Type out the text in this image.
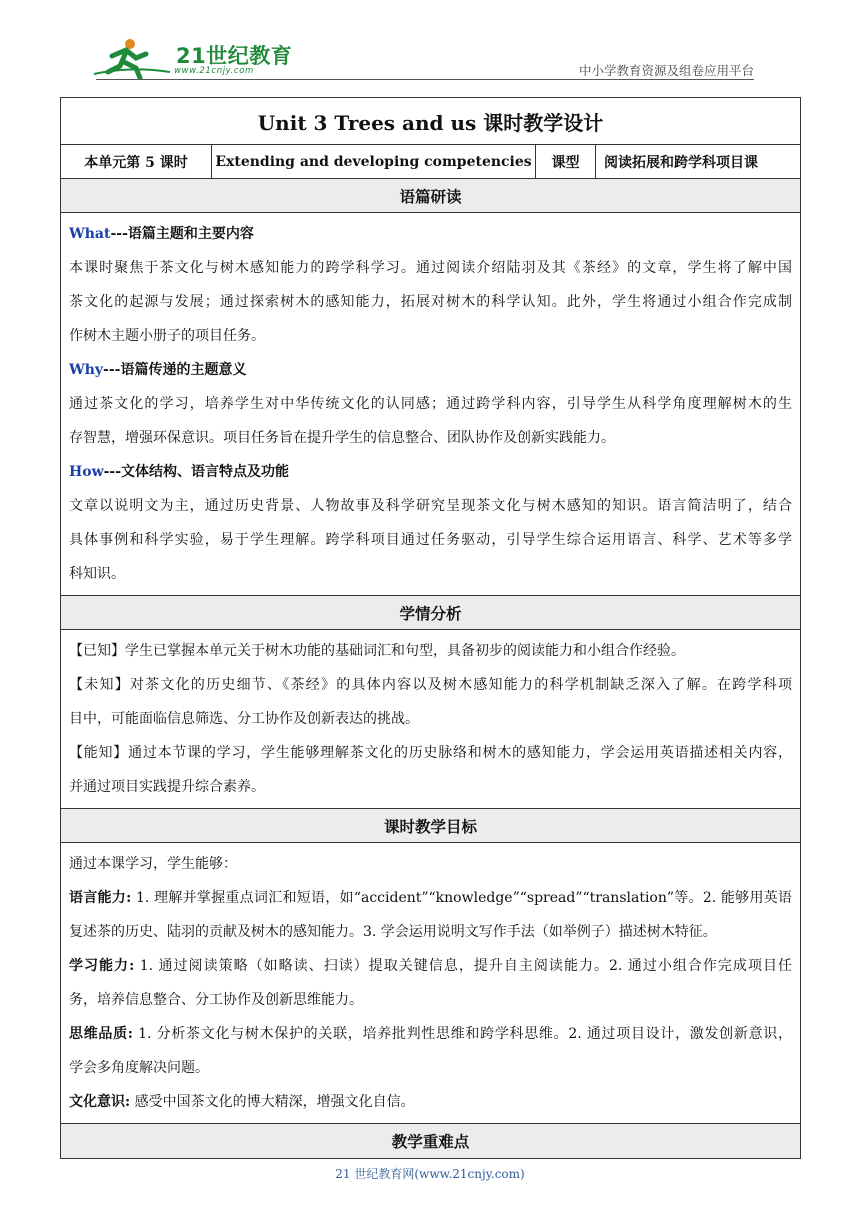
21世纪教育
www.21cnjy.com	中小学教育资源及组卷应用平台
Unit 3 Trees and us 课时教学设计
本单元第 5 课时	Extending and developing competencies	课型	阅读拓展和跨学科项目课
语篇研读
What---语篇主题和主要内容
本课时聚焦于茶文化与树木感知能力的跨学科学习。通过阅读介绍陆羽及其《茶经》的文章，学生将了解中国
茶文化的起源与发展；通过探索树木的感知能力，拓展对树木的科学认知。此外，学生将通过小组合作完成制
作树木主题小册子的项目任务。
Why---语篇传递的主题意义
通过茶文化的学习，培养学生对中华传统文化的认同感；通过跨学科内容，引导学生从科学角度理解树木的生
存智慧，增强环保意识。项目任务旨在提升学生的信息整合、团队协作及创新实践能力。
How---文体结构、语言特点及功能
文章以说明文为主，通过历史背景、人物故事及科学研究呈现茶文化与树木感知的知识。语言简洁明了，结合
具体事例和科学实验，易于学生理解。跨学科项目通过任务驱动，引导学生综合运用语言、科学、艺术等多学
科知识。
学情分析
【已知】学生已掌握本单元关于树木功能的基础词汇和句型，具备初步的阅读能力和小组合作经验。
【未知】对茶文化的历史细节、《茶经》的具体内容以及树木感知能力的科学机制缺乏深入了解。在跨学科项
目中，可能面临信息筛选、分工协作及创新表达的挑战。
【能知】通过本节课的学习，学生能够理解茶文化的历史脉络和树木的感知能力，学会运用英语描述相关内容，
并通过项目实践提升综合素养。
课时教学目标
通过本课学习，学生能够：
语言能力: 1. 理解并掌握重点词汇和短语，如“accident”“knowledge”“spread”“translation”等。2. 能够用英语
复述茶的历史、陆羽的贡献及树木的感知能力。3. 学会运用说明文写作手法（如举例子）描述树木特征。
学习能力: 1. 通过阅读策略（如略读、扫读）提取关键信息，提升自主阅读能力。2. 通过小组合作完成项目任
务，培养信息整合、分工协作及创新思维能力。
思维品质: 1. 分析茶文化与树木保护的关联，培养批判性思维和跨学科思维。2. 通过项目设计，激发创新意识，
学会多角度解决问题。
文化意识: 感受中国茶文化的博大精深，增强文化自信。
教学重难点
21 世纪教育网(www.21cnjy.com)
